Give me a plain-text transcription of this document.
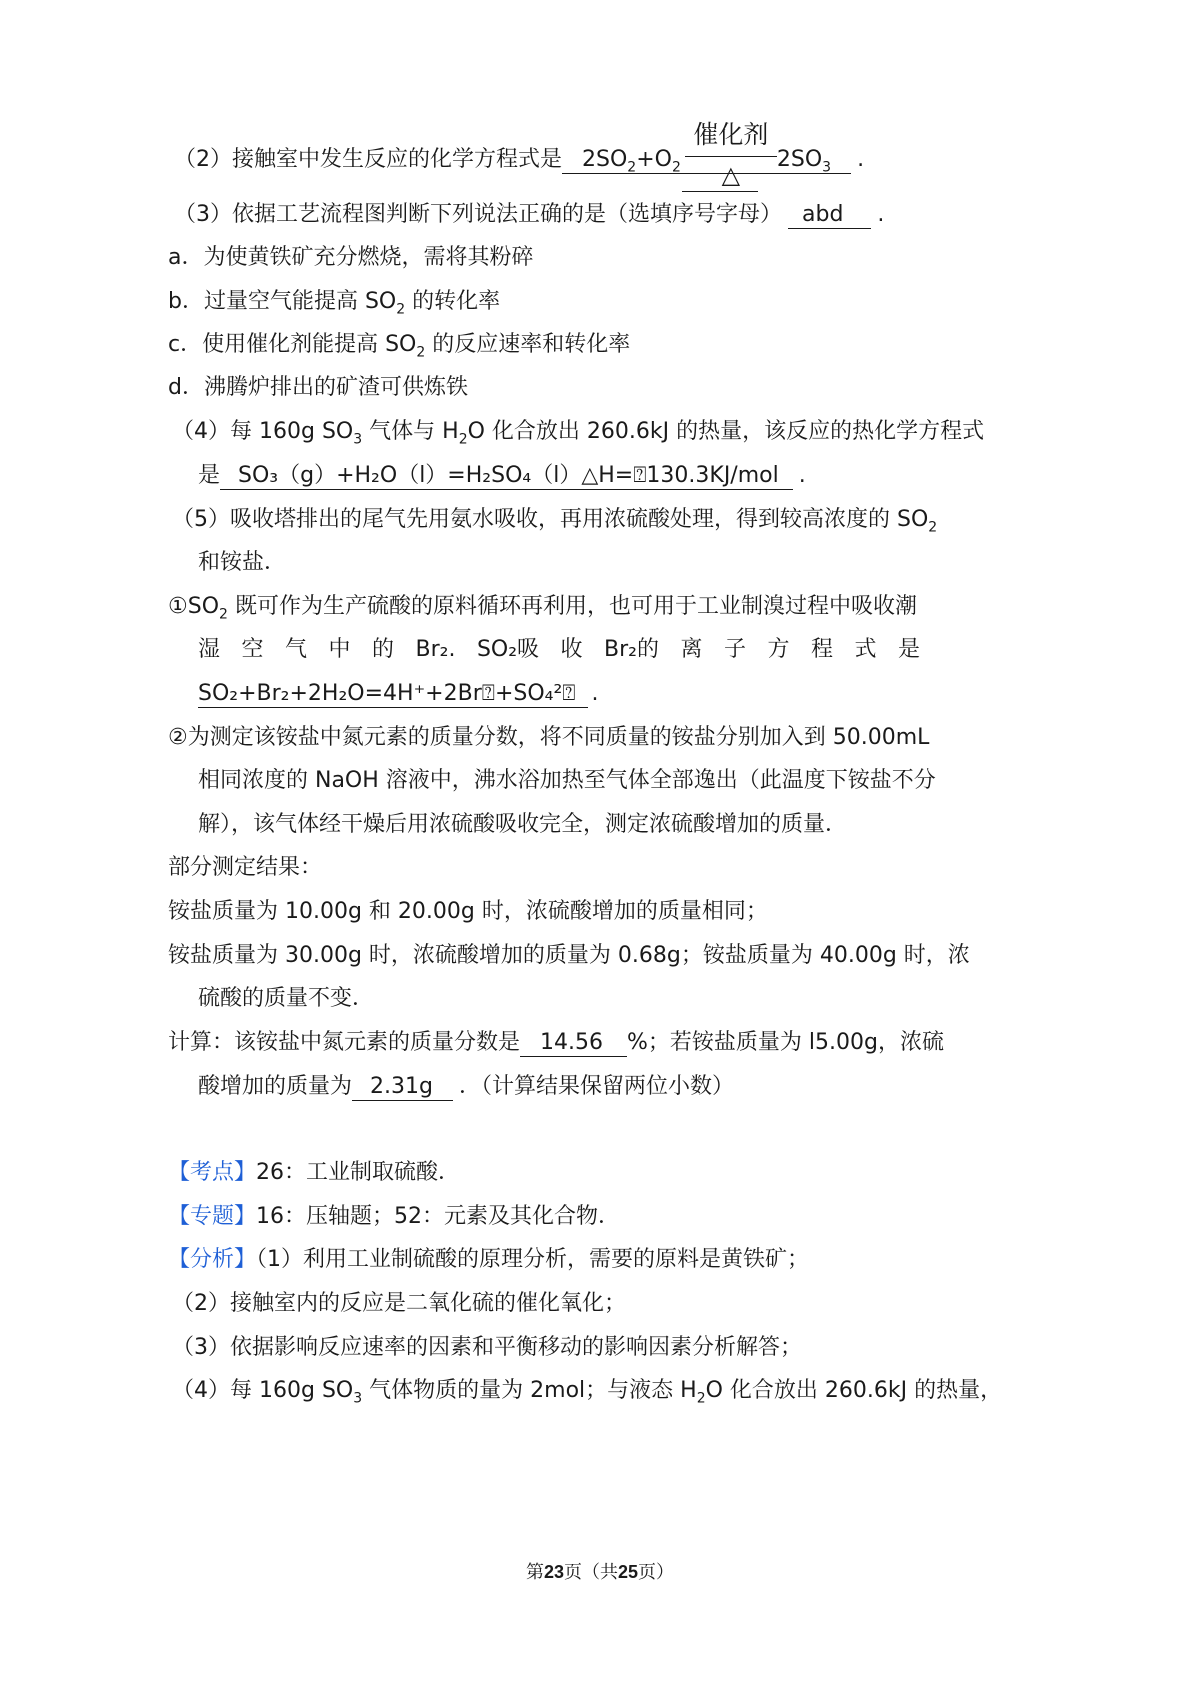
（2）接触室中发生反应的化学方程式是 $2SO_2+O_2$
催化剂
△
$2SO_3$ .
（3）依据工艺流程图判断下列说法正确的是（选填序号字母） abd .
a．为使黄铁矿充分燃烧，需将其粉碎
b．过量空气能提高 $SO_2$ 的转化率
c．使用催化剂能提高 $SO_2$ 的反应速率和转化率
d．沸腾炉排出的矿渣可供炼铁
（4）每 160g $SO_3$ 气体与 $H_2O$ 化合放出 260.6kJ 的热量，该反应的热化学方程式
是 SO₃（g）+H₂O（l）=H₂SO₄（l）△H=⍰130.3KJ/mol .
（5）吸收塔排出的尾气先用氨水吸收，再用浓硫酸处理，得到较高浓度的 $SO_2$
和铵盐．
$①SO_2$ 既可作为生产硫酸的原料循环再利用，也可用于工业制溴过程中吸收潮
湿 空 气 中 的 Br₂. SO₂吸 收 Br₂的 离 子 方 程 式 是
SO₂+Br₂+2H₂O=4H⁺+2Br⍰+SO₄²⍰ .
②为测定该铵盐中氮元素的质量分数，将不同质量的铵盐分别加入到 50.00mL
相同浓度的 NaOH 溶液中，沸水浴加热至气体全部逸出（此温度下铵盐不分
解），该气体经干燥后用浓硫酸吸收完全，测定浓硫酸增加的质量．
部分测定结果：
铵盐质量为 10.00g 和 20.00g 时，浓硫酸增加的质量相同；
铵盐质量为 30.00g 时，浓硫酸增加的质量为 0.68g；铵盐质量为 40.00g 时，浓
硫酸的质量不变．
计算：该铵盐中氮元素的质量分数是 14.56 %；若铵盐质量为 l5.00g，浓硫
酸增加的质量为 2.31g ．（计算结果保留两位小数）
【考点】26：工业制取硫酸．
【专题】16：压轴题；52：元素及其化合物．
【分析】（1）利用工业制硫酸的原理分析，需要的原料是黄铁矿；
（2）接触室内的反应是二氧化硫的催化氧化；
（3）依据影响反应速率的因素和平衡移动的影响因素分析解答；
（4）每 160g $SO_3$ 气体物质的量为 2mol；与液态 $H_2O$ 化合放出 260.6kJ 的热量，
第23页（共25页）
